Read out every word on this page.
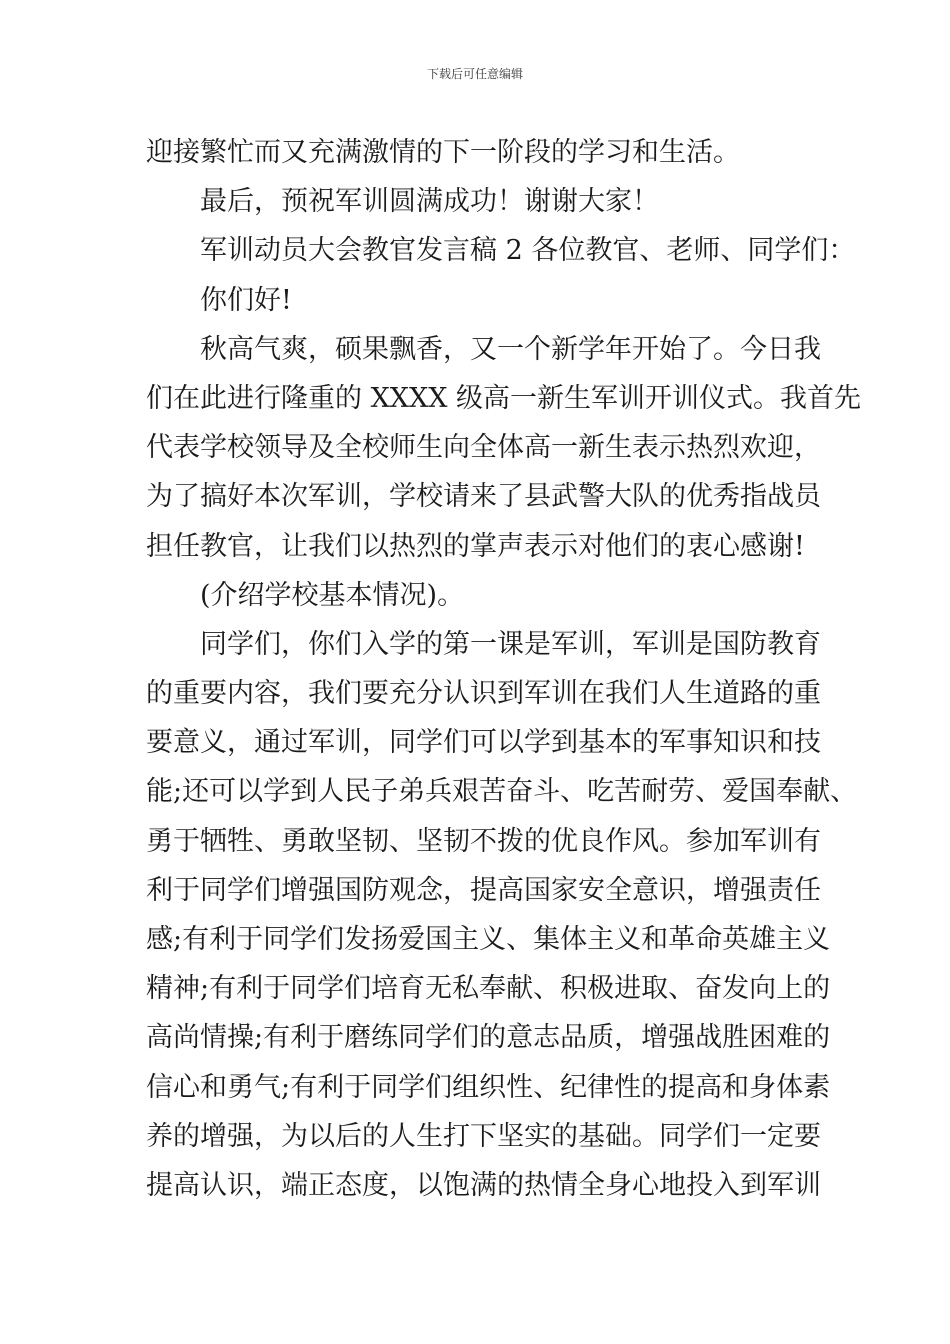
下载后可任意编辑
迎接繁忙而又充满激情的下一阶段的学习和生活。
最后，预祝军训圆满成功！谢谢大家！
军训动员大会教官发言稿 2 各位教官、老师、同学们：
你们好!
秋高气爽，硕果飘香，又一个新学年开始了。今日我
们在此进行隆重的 XXXX 级高一新生军训开训仪式。我首先
代表学校领导及全校师生向全体高一新生表示热烈欢迎，
为了搞好本次军训，学校请来了县武警大队的优秀指战员
担任教官，让我们以热烈的掌声表示对他们的衷心感谢!
(介绍学校基本情况)。
同学们，你们入学的第一课是军训，军训是国防教育
的重要内容，我们要充分认识到军训在我们人生道路的重
要意义，通过军训，同学们可以学到基本的军事知识和技
能;还可以学到人民子弟兵艰苦奋斗、吃苦耐劳、爱国奉献、
勇于牺牲、勇敢坚韧、坚韧不拨的优良作风。参加军训有
利于同学们增强国防观念，提高国家安全意识，增强责任
感;有利于同学们发扬爱国主义、集体主义和革命英雄主义
精神;有利于同学们培育无私奉献、积极进取、奋发向上的
高尚情操;有利于磨练同学们的意志品质，增强战胜困难的
信心和勇气;有利于同学们组织性、纪律性的提高和身体素
养的增强，为以后的人生打下坚实的基础。同学们一定要
提高认识，端正态度，以饱满的热情全身心地投入到军训
